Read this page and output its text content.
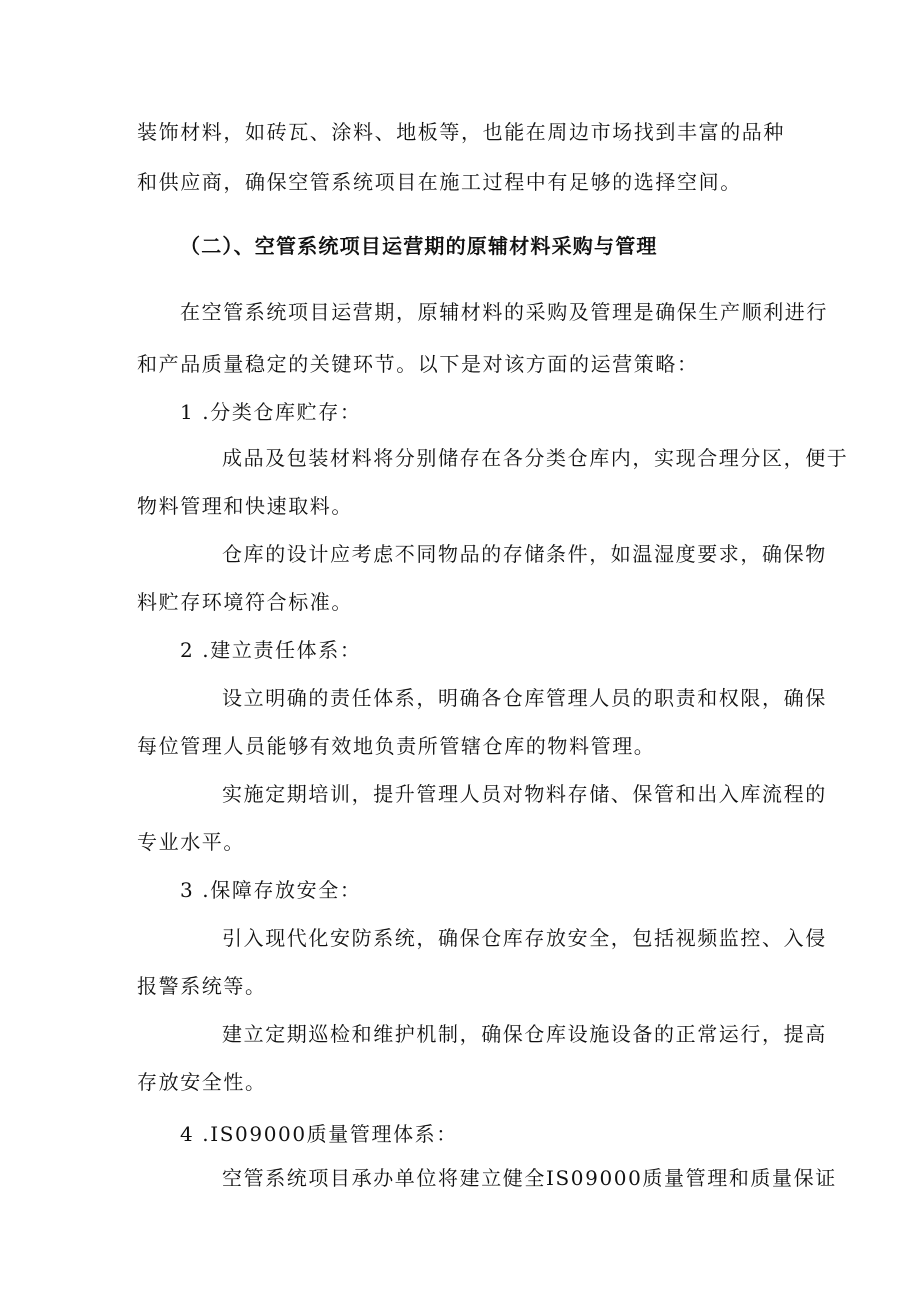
装饰材料，如砖瓦、涂料、地板等，也能在周边市场找到丰富的品种
和供应商，确保空管系统项目在施工过程中有足够的选择空间。
（二）、空管系统项目运营期的原辅材料采购与管理
在空管系统项目运营期，原辅材料的采购及管理是确保生产顺利进行
和产品质量稳定的关键环节。以下是对该方面的运营策略：
1 .分类仓库贮存：
成品及包装材料将分别储存在各分类仓库内，实现合理分区，便于
物料管理和快速取料。
仓库的设计应考虑不同物品的存储条件，如温湿度要求，确保物
料贮存环境符合标准。
2 .建立责任体系：
设立明确的责任体系，明确各仓库管理人员的职责和权限，确保
每位管理人员能够有效地负责所管辖仓库的物料管理。
实施定期培训，提升管理人员对物料存储、保管和出入库流程的
专业水平。
3 .保障存放安全：
引入现代化安防系统，确保仓库存放安全，包括视频监控、入侵
报警系统等。
建立定期巡检和维护机制，确保仓库设施设备的正常运行，提高
存放安全性。
4 .IS09000质量管理体系：
空管系统项目承办单位将建立健全IS09000质量管理和质量保证
